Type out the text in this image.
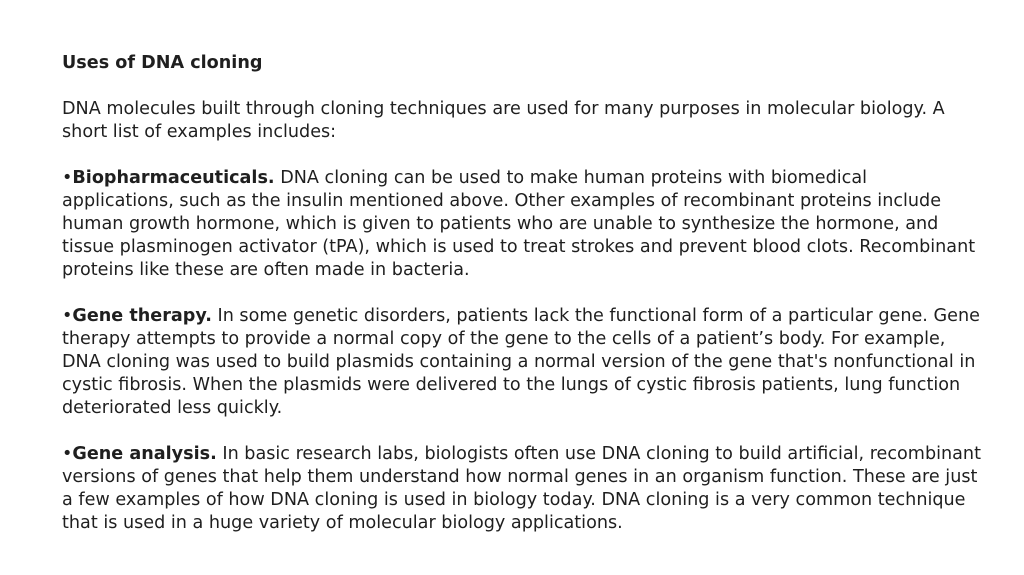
Uses of DNA cloning

DNA molecules built through cloning techniques are used for many purposes in molecular biology. A short list of examples includes:

•Biopharmaceuticals. DNA cloning can be used to make human proteins with biomedical applications, such as the insulin mentioned above. Other examples of recombinant proteins include human growth hormone, which is given to patients who are unable to synthesize the hormone, and tissue plasminogen activator (tPA), which is used to treat strokes and prevent blood clots. Recombinant proteins like these are often made in bacteria.

•Gene therapy. In some genetic disorders, patients lack the functional form of a particular gene. Gene therapy attempts to provide a normal copy of the gene to the cells of a patient’s body. For example, DNA cloning was used to build plasmids containing a normal version of the gene that's nonfunctional in cystic fibrosis. When the plasmids were delivered to the lungs of cystic fibrosis patients, lung function deteriorated less quickly.

•Gene analysis. In basic research labs, biologists often use DNA cloning to build artificial, recombinant versions of genes that help them understand how normal genes in an organism function. These are just a few examples of how DNA cloning is used in biology today. DNA cloning is a very common technique that is used in a huge variety of molecular biology applications.
